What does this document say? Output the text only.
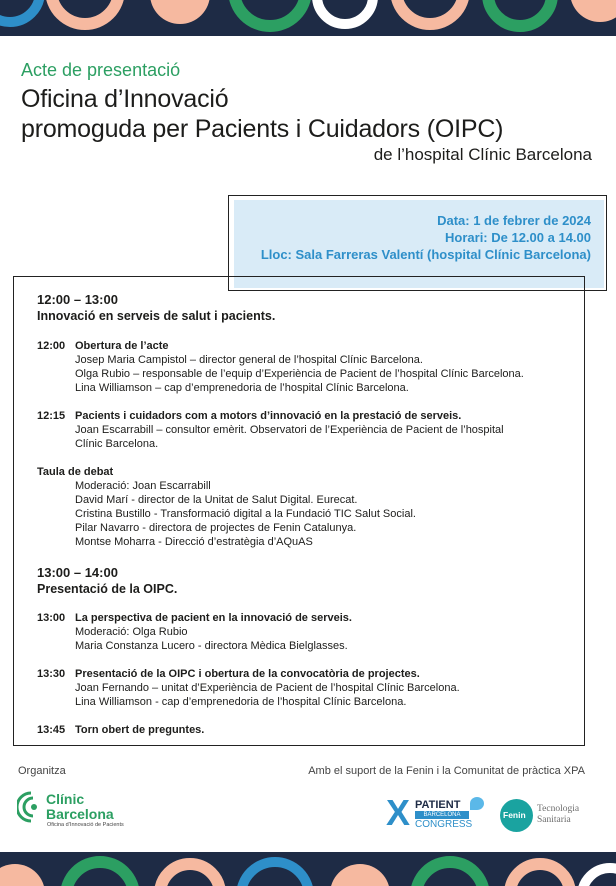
Acte de presentació
Oficina d’Innovació
promoguda per Pacients i Cuidadors (OIPC)
de l’hospital Clínic Barcelona
Data: 1 de febrer de 2024
Horari: De 12.00 a 14.00
Lloc: Sala Farreras Valentí (hospital Clínic Barcelona)
12:00 – 13:00
Innovació en serveis de salut i pacients.
12:00 Obertura de l’acte
Josep Maria Campistol – director general de l’hospital Clínic Barcelona.
Olga Rubio – responsable de l’equip d’Experiència de Pacient de l’hospital Clínic Barcelona.
Lina Williamson – cap d’emprenedoria de l’hospital Clínic Barcelona.
12:15 Pacients i cuidadors com a motors d’innovació en la prestació de serveis.
Joan Escarrabill – consultor emèrit. Observatori de l’Experiència de Pacient de l’hospital
Clínic Barcelona.
Taula de debat
Moderació: Joan Escarrabill
David Marí - director de la Unitat de Salut Digital. Eurecat.
Cristina Bustillo - Transformació digital a la Fundació TIC Salut Social.
Pilar Navarro - directora de projectes de Fenin Catalunya.
Montse Moharra - Direcció d’estratègia d’AQuAS
13:00 – 14:00
Presentació de la OIPC.
13:00 La perspectiva de pacient en la innovació de serveis.
Moderació: Olga Rubio
Maria Constanza Lucero - directora Mèdica Bielglasses.
13:30 Presentació de la OIPC i obertura de la convocatòria de projectes.
Joan Fernando – unitat d’Experiència de Pacient de l’hospital Clínic Barcelona.
Lina Williamson - cap d’emprenedoria de l’hospital Clínic Barcelona.
13:45 Torn obert de preguntes.
Organitza	Amb el suport de la Fenin i la Comunitat de pràctica XPA
Clínic
Barcelona
Oficina d’Innovació de Pacients	X PATIENT
BARCELONA
CONGRESS
Fenin
Tecnologia
Sanitaria
